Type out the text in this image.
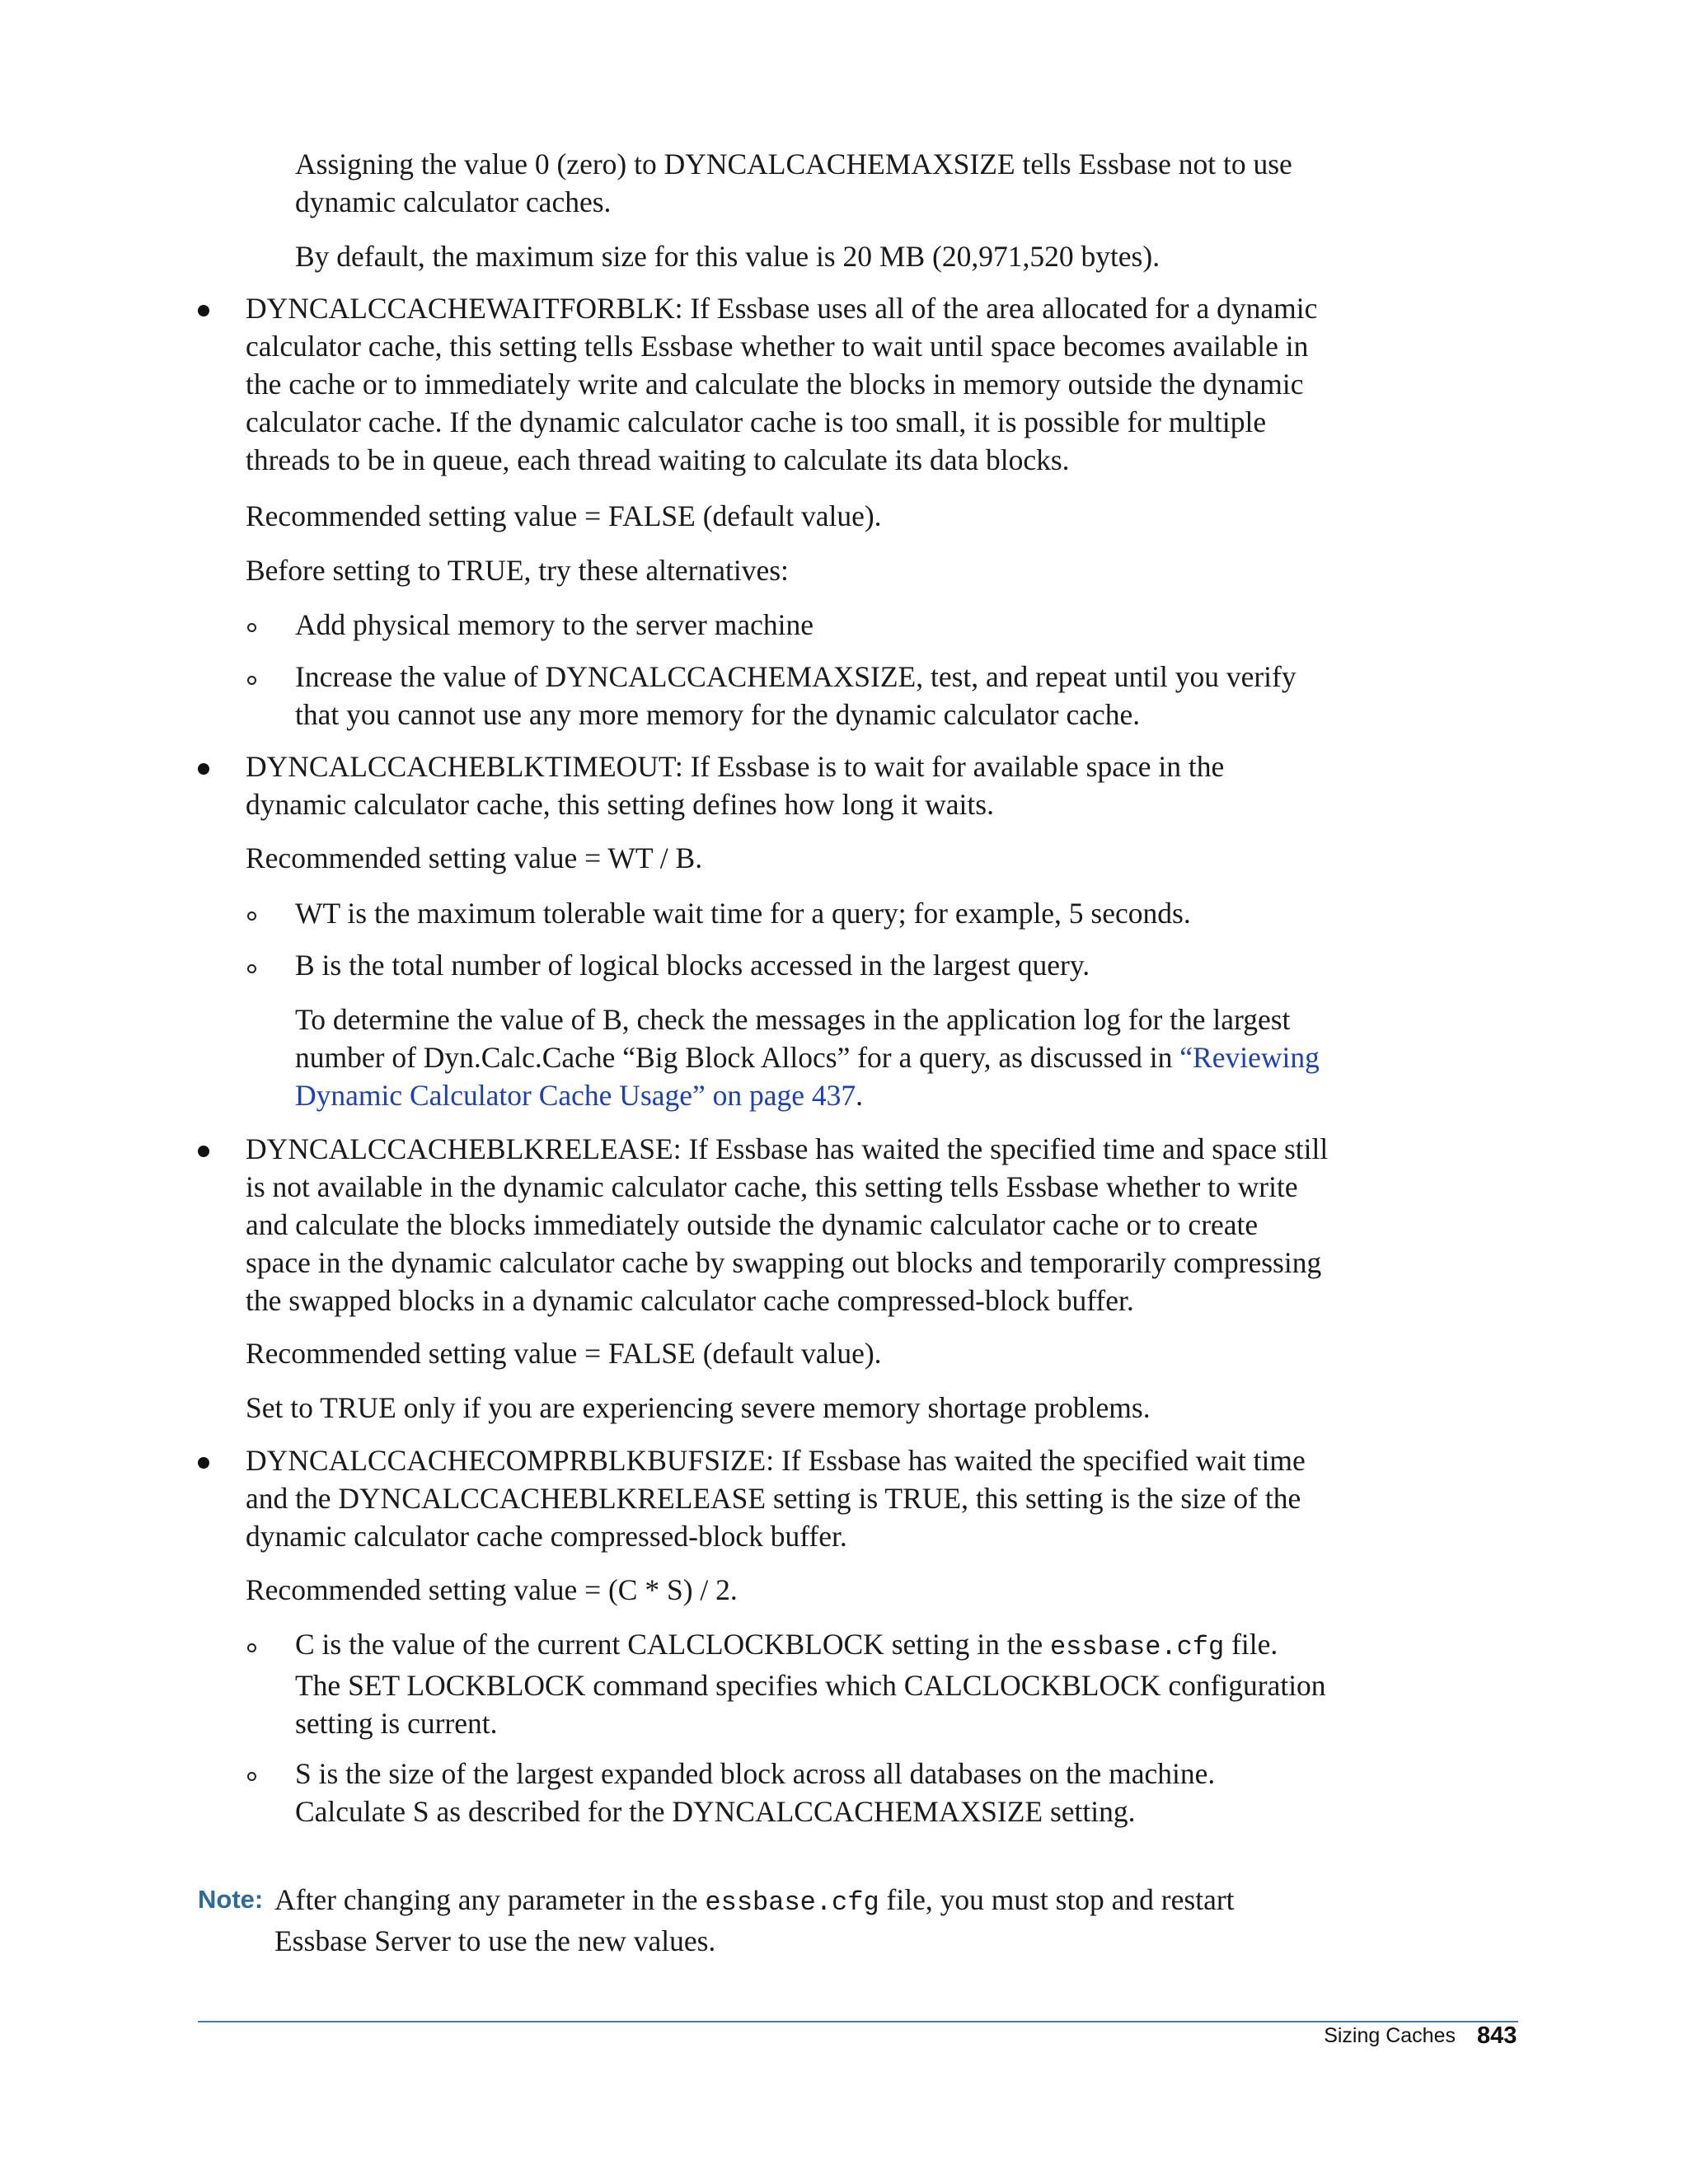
Assigning the value 0 (zero) to DYNCALCACHEMAXSIZE tells Essbase not to use dynamic calculator caches.

By default, the maximum size for this value is 20 MB (20,971,520 bytes).

DYNCALCCACHEWAITFORBLK: If Essbase uses all of the area allocated for a dynamic calculator cache, this setting tells Essbase whether to wait until space becomes available in the cache or to immediately write and calculate the blocks in memory outside the dynamic calculator cache. If the dynamic calculator cache is too small, it is possible for multiple threads to be in queue, each thread waiting to calculate its data blocks.

Recommended setting value = FALSE (default value).

Before setting to TRUE, try these alternatives:

Add physical memory to the server machine

Increase the value of DYNCALCCACHEMAXSIZE, test, and repeat until you verify that you cannot use any more memory for the dynamic calculator cache.

DYNCALCCACHEBLKTIMEOUT: If Essbase is to wait for available space in the dynamic calculator cache, this setting defines how long it waits.

Recommended setting value = WT / B.

WT is the maximum tolerable wait time for a query; for example, 5 seconds.

B is the total number of logical blocks accessed in the largest query.

To determine the value of B, check the messages in the application log for the largest number of Dyn.Calc.Cache “Big Block Allocs” for a query, as discussed in “Reviewing Dynamic Calculator Cache Usage” on page 437.

DYNCALCCACHEBLKRELEASE: If Essbase has waited the specified time and space still is not available in the dynamic calculator cache, this setting tells Essbase whether to write and calculate the blocks immediately outside the dynamic calculator cache or to create space in the dynamic calculator cache by swapping out blocks and temporarily compressing the swapped blocks in a dynamic calculator cache compressed-block buffer.

Recommended setting value = FALSE (default value).

Set to TRUE only if you are experiencing severe memory shortage problems.

DYNCALCCACHECOMPRBLKBUFSIZE: If Essbase has waited the specified wait time and the DYNCALCCACHEBLKRELEASE setting is TRUE, this setting is the size of the dynamic calculator cache compressed-block buffer.

Recommended setting value = (C * S) / 2.

C is the value of the current CALCLOCKBLOCK setting in the essbase.cfg file. The SET LOCKBLOCK command specifies which CALCLOCKBLOCK configuration setting is current.

S is the size of the largest expanded block across all databases on the machine. Calculate S as described for the DYNCALCCACHEMAXSIZE setting.

Note: After changing any parameter in the essbase.cfg file, you must stop and restart Essbase Server to use the new values.

Sizing Caches 843
